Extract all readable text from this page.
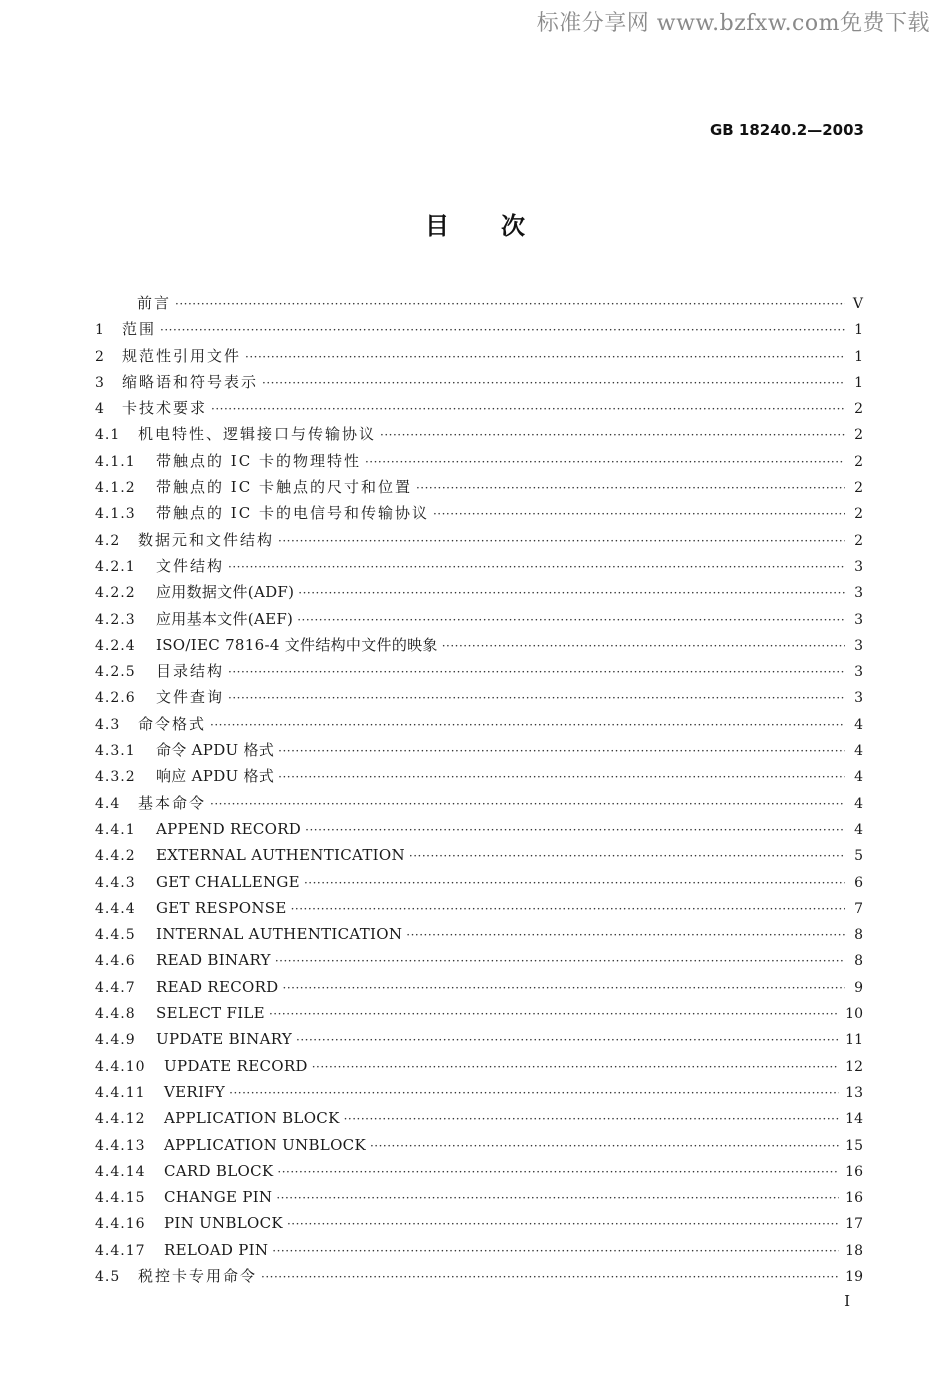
标准分享网 www.bzfxw.com免费下载
GB 18240.2—2003
目次
前言 ·····	V
1	范围 ·····	1
2	规范性引用文件 ·····	1
3	缩略语和符号表示 ·····	1
4	卡技术要求 ·····	2
4.1	机电特性、逻辑接口与传输协议 ·····	2
4.1.1	带触点的 IC 卡的物理特性 ·····	2
4.1.2	带触点的 IC 卡触点的尺寸和位置 ·····	2
4.1.3	带触点的 IC 卡的电信号和传输协议 ·····	2
4.2	数据元和文件结构 ·····	2
4.2.1	文件结构 ·····	3
4.2.2	应用数据文件(ADF) ·····	3
4.2.3	应用基本文件(AEF) ·····	3
4.2.4	ISO/IEC 7816-4 文件结构中文件的映象 ·····	3
4.2.5	目录结构 ·····	3
4.2.6	文件查询 ·····	3
4.3	命令格式 ·····	4
4.3.1	命令 APDU 格式 ·····	4
4.3.2	响应 APDU 格式 ·····	4
4.4	基本命令 ·····	4
4.4.1	APPEND RECORD ·····	4
4.4.2	EXTERNAL AUTHENTICATION ·····	5
4.4.3	GET CHALLENGE ·····	6
4.4.4	GET RESPONSE ·····	7
4.4.5	INTERNAL AUTHENTICATION ·····	8
4.4.6	READ BINARY ·····	8
4.4.7	READ RECORD ·····	9
4.4.8	SELECT FILE ·····	10
4.4.9	UPDATE BINARY ·····	11
4.4.10	UPDATE RECORD ·····	12
4.4.11	VERIFY ·····	13
4.4.12	APPLICATION BLOCK ·····	14
4.4.13	APPLICATION UNBLOCK ·····	15
4.4.14	CARD BLOCK ·····	16
4.4.15	CHANGE PIN ·····	16
4.4.16	PIN UNBLOCK ·····	17
4.4.17	RELOAD PIN ·····	18
4.5	税控卡专用命令 ·····	19
I
